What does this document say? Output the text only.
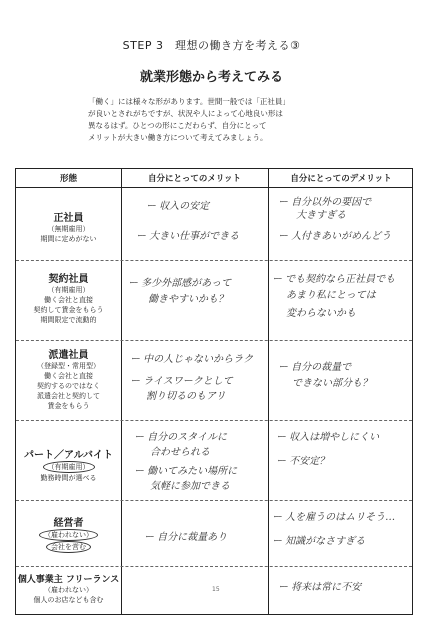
STEP 3　理想の働き方を考える③
就業形態から考えてみる
「働く」には様々な形があります。世間一般では「正社員」
が良いとされがちですが、状況や人によって心地良い形は
異なるはず。ひとつの形にこだわらず、自分にとって
メリットが大きい働き方について考えてみましょう。
形態	自分にとってのメリット	自分にとってのデメリット
正社員
（無期雇用）
期間に定めがない
ー 収入の安定
ー 大きい仕事ができる
ー 自分以外の要因で
大きすぎる
ー 人付きあいがめんどう
契約社員
（有期雇用）
働く会社と直接
契約して賃金をもらう
期間限定で流動的
ー 多少外部感があって
働きやすいかも？
ー でも契約なら正社員でも
あまり私にとっては
変わらないかも
派遣社員
（登録型・常用型）
働く会社と直接
契約するのではなく
派遣会社と契約して
賃金をもらう
ー 中の人じゃないからラク
ー ライスワークとして
割り切るのもアリ
ー 自分の裁量で
できない部分も？
パート／アルバイト
（有期雇用）
勤務時間が選べる
ー 自分のスタイルに
合わせられる
ー 働いてみたい場所に
気軽に参加できる
ー 収入は増やしにくい
ー 不安定？
経営者
（雇われない）
会社を営む
ー 自分に裁量あり
ー 人を雇うのはムリそう…
ー 知識がなさすぎる
個人事業主 フリーランス
（雇われない）
個人のお店なども含む
ー 将来は常に不安
15
